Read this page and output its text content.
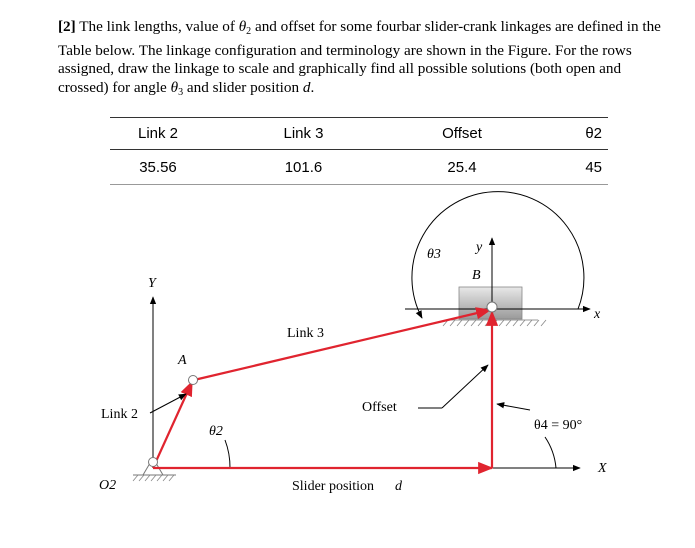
[2] The link lengths, value of $\theta_2$ and offset for some fourbar slider-crank linkages are defined in the Table below. The linkage configuration and terminology are shown in the Figure. For the rows assigned, draw the linkage to scale and graphically find all possible solutions (both open and crossed) for angle $\theta_3$ and slider position d.
Link 2	Link 3	Offset	θ2
35.56	101.6	25.4	45
y
B
x
θ3
Y
Link 3
A
Link 2
θ2
Offset
θ4 = 90°
X
O2	Slider position d
